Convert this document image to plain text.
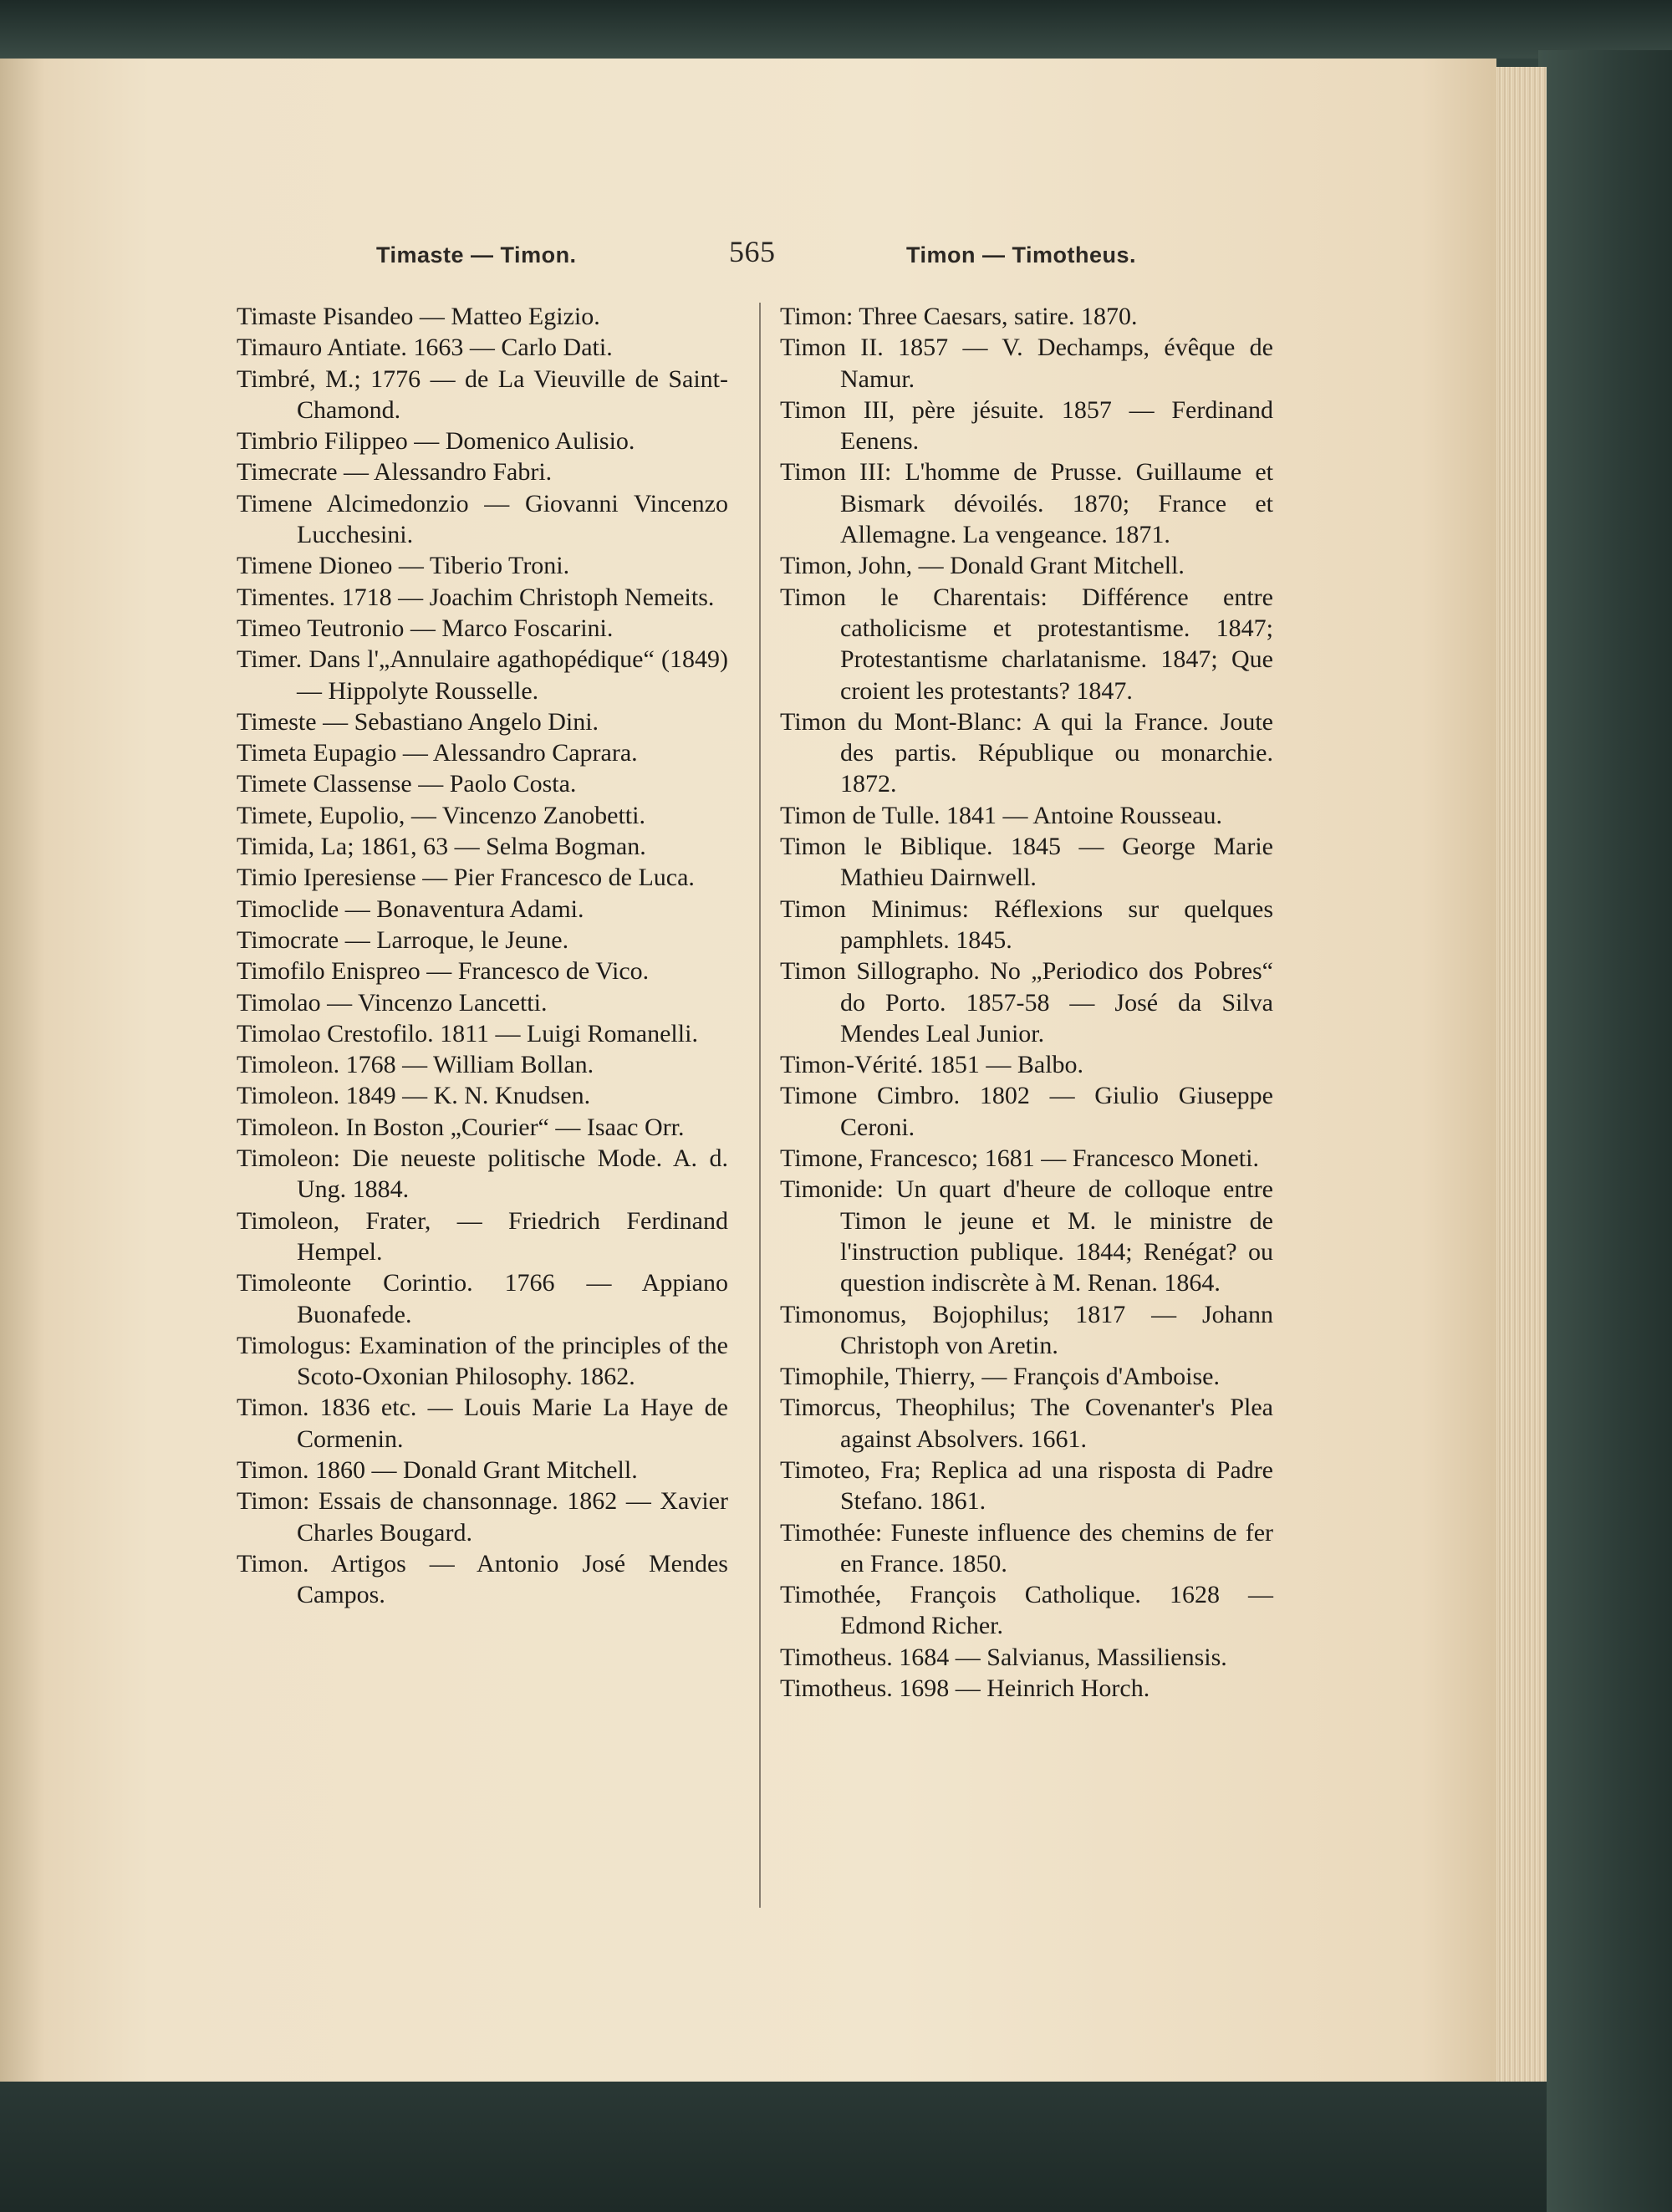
Timaste — Timon.	565	Timon — Timotheus.

Timaste Pisandeo — Matteo Egizio.

Timauro Antiate. 1663 — Carlo Dati.

Timbré, M.; 1776 — de La Vieuville de Saint-Chamond.

Timbrio Filippeo — Domenico Aulisio.

Timecrate — Alessandro Fabri.

Timene Alcimedonzio — Giovanni Vincenzo Lucchesini.

Timene Dioneo — Tiberio Troni.

Timentes. 1718 — Joachim Christoph Nemeits.

Timeo Teutronio — Marco Foscarini.

Timer. Dans l'„Annulaire agathopédique“ (1849) — Hippolyte Rousselle.

Timeste — Sebastiano Angelo Dini.

Timeta Eupagio — Alessandro Caprara.

Timete Classense — Paolo Costa.

Timete, Eupolio, — Vincenzo Zanobetti.

Timida, La; 1861, 63 — Selma Bogman.

Timio Iperesiense — Pier Francesco de Luca.

Timoclide — Bonaventura Adami.

Timocrate — Larroque, le Jeune.

Timofilo Enispreo — Francesco de Vico.

Timolao — Vincenzo Lancetti.

Timolao Crestofilo. 1811 — Luigi Romanelli.

Timoleon. 1768 — William Bollan.

Timoleon. 1849 — K. N. Knudsen.

Timoleon. In Boston „Courier“ — Isaac Orr.

Timoleon: Die neueste politische Mode. A. d. Ung. 1884.

Timoleon, Frater, — Friedrich Ferdinand Hempel.

Timoleonte Corintio. 1766 — Appiano Buonafede.

Timologus: Examination of the principles of the Scoto-Oxonian Philosophy. 1862.

Timon. 1836 etc. — Louis Marie La Haye de Cormenin.

Timon. 1860 — Donald Grant Mitchell.

Timon: Essais de chansonnage. 1862 — Xavier Charles Bougard.

Timon. Artigos — Antonio José Mendes Campos.

Timon: Three Caesars, satire. 1870.

Timon II. 1857 — V. Dechamps, évêque de Namur.

Timon III, père jésuite. 1857 — Ferdinand Eenens.

Timon III: L'homme de Prusse. Guillaume et Bismark dévoilés. 1870; France et Allemagne. La vengeance. 1871.

Timon, John, — Donald Grant Mitchell.

Timon le Charentais: Différence entre catholicisme et protestantisme. 1847; Protestantisme charlatanisme. 1847; Que croient les protestants? 1847.

Timon du Mont-Blanc: A qui la France. Joute des partis. République ou monarchie. 1872.

Timon de Tulle. 1841 — Antoine Rousseau.

Timon le Biblique. 1845 — George Marie Mathieu Dairnwell.

Timon Minimus: Réflexions sur quelques pamphlets. 1845.

Timon Sillographo. No „Periodico dos Pobres“ do Porto. 1857-58 — José da Silva Mendes Leal Junior.

Timon-Vérité. 1851 — Balbo.

Timone Cimbro. 1802 — Giulio Giuseppe Ceroni.

Timone, Francesco; 1681 — Francesco Moneti.

Timonide: Un quart d'heure de colloque entre Timon le jeune et M. le ministre de l'instruction publique. 1844; Renégat? ou question indiscrète à M. Renan. 1864.

Timonomus, Bojophilus; 1817 — Johann Christoph von Aretin.

Timophile, Thierry, — François d'Amboise.

Timorcus, Theophilus; The Covenanter's Plea against Absolvers. 1661.

Timoteo, Fra; Replica ad una risposta di Padre Stefano. 1861.

Timothée: Funeste influence des chemins de fer en France. 1850.

Timothée, François Catholique. 1628 — Edmond Richer.

Timotheus. 1684 — Salvianus, Massiliensis.

Timotheus. 1698 — Heinrich Horch.
